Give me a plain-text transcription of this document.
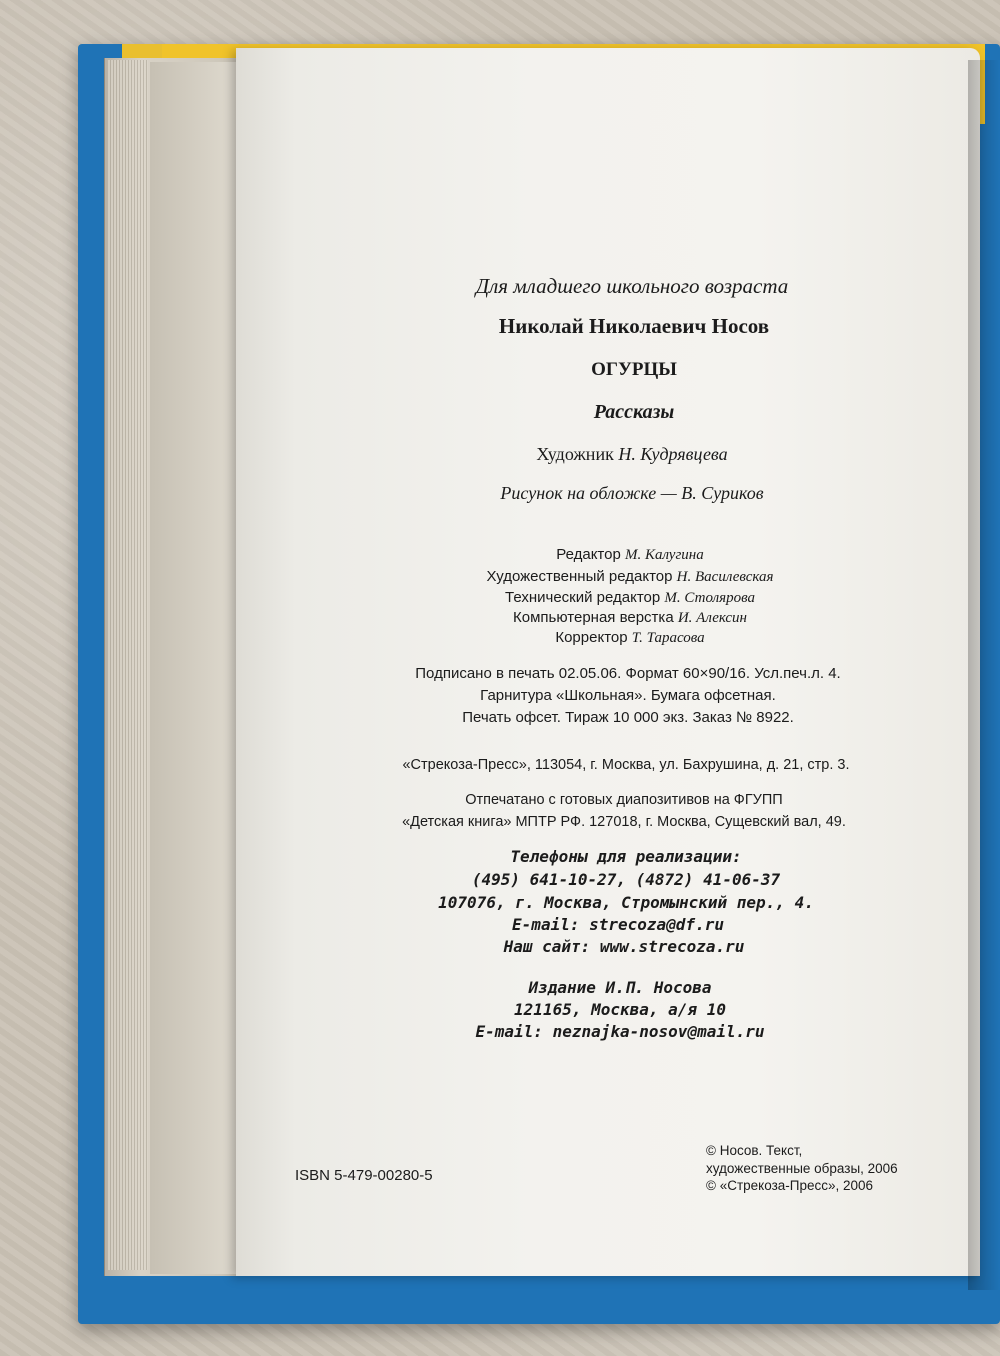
Для младшего школьного возраста
Николай Николаевич Носов
ОГУРЦЫ
Рассказы
Художник Н. Кудрявцева
Рисунок на обложке — В. Суриков
Редактор М. Калугина
Художественный редактор Н. Василевская
Технический редактор М. Столярова
Компьютерная верстка И. Алексин
Корректор Т. Тарасова
Подписано в печать 02.05.06. Формат 60×90/16. Усл.печ.л. 4.
Гарнитура «Школьная». Бумага офсетная.
Печать офсет. Тираж 10 000 экз. Заказ № 8922.
«Стрекоза-Пресс», 113054, г. Москва, ул. Бахрушина, д. 21, стр. 3.
Отпечатано с готовых диапозитивов на ФГУПП
«Детская книга» МПТР РФ. 127018, г. Москва, Сущевский вал, 49.
Телефоны для реализации:
(495) 641-10-27, (4872) 41-06-37
107076, г. Москва, Стромынский пер., 4.
E-mail: strecoza@df.ru
Наш сайт: www.strecoza.ru
Издание И.П. Носова
121165, Москва, а/я 10
E-mail: neznajka-nosov@mail.ru
ISBN 5-479-00280-5
© Носов. Текст,
художественные образы, 2006
© «Стрекоза-Пресс», 2006
